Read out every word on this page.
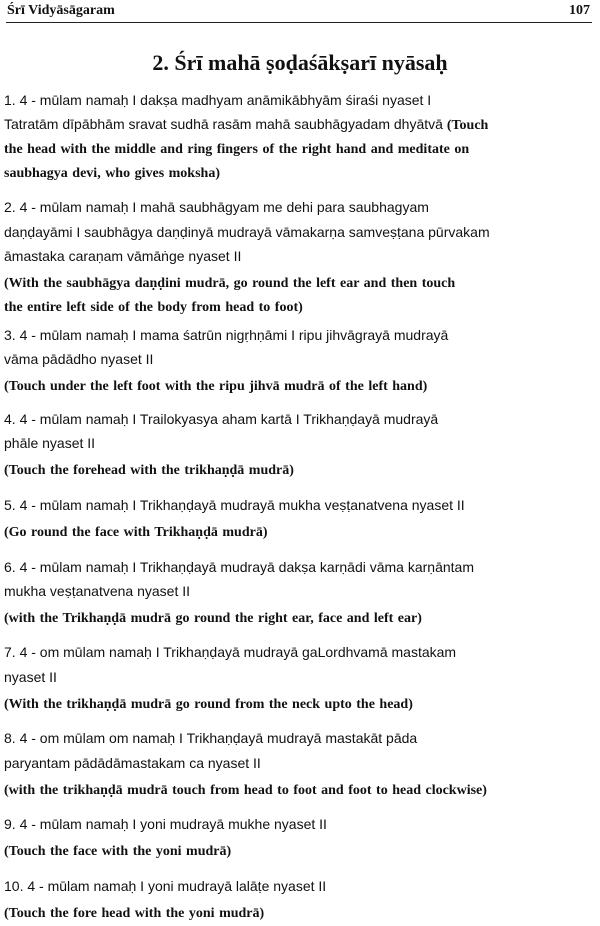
Śrī Vidyāsāgaram	107
2. Śrī mahā ṣoḍaśākṣarī nyāsaḥ
1. 4 - mūlam namaḥ I dakṣa madhyam anāmikābhyām śiraśi nyaset I
Tatratām dīpābhām sravat sudhā rasām mahā saubhāgyadam dhyātvā (Touch
the head with the middle and ring fingers of the right hand and meditate on
saubhagya devi, who gives moksha)
2. 4 - mūlam namaḥ I mahā saubhāgyam me dehi para saubhagyam
daṇḍayāmi I saubhāgya daṇḍinyā mudrayā vāmakarṇa samveṣṭana pūrvakam
āmastaka caraṇam vāmāṅge nyaset II
(With the saubhāgya daṇḍini mudrā, go round the left ear and then touch
the entire left side of the body from head to foot)
3. 4 - mūlam namaḥ I mama śatrūn nigṛhṇāmi I ripu jihvāgrayā mudrayā
vāma pādādho nyaset II
(Touch under the left foot with the ripu jihvā mudrā of the left hand)
4. 4 - mūlam namaḥ I Trailokyasya aham kartā I Trikhaṇḍayā mudrayā
phāle nyaset II
(Touch the forehead with the trikhaṇḍā mudrā)
5. 4 - mūlam namaḥ I Trikhaṇḍayā mudrayā mukha veṣṭanatvena nyaset II
(Go round the face with Trikhaṇḍā mudrā)
6. 4 - mūlam namaḥ I Trikhaṇḍayā mudrayā dakṣa karṇādi vāma karṇāntam
mukha veṣṭanatvena nyaset II
(with the Trikhaṇḍā mudrā go round the right ear, face and left ear)
7. 4 - om mūlam namaḥ I Trikhaṇḍayā mudrayā gaLordhvamā mastakam
nyaset II
(With the trikhaṇḍā mudrā go round from the neck upto the head)
8. 4 - om mūlam om namaḥ I Trikhaṇḍayā mudrayā mastakāt pāda
paryantam pādādāmastakam ca nyaset II
(with the trikhaṇḍā mudrā touch from head to foot and foot to head clockwise)
9. 4 - mūlam namaḥ I yoni mudrayā mukhe nyaset II
(Touch the face with the yoni mudrā)
10. 4 - mūlam namaḥ I yoni mudrayā lalāṭe nyaset II
(Touch the fore head with the yoni mudrā)
